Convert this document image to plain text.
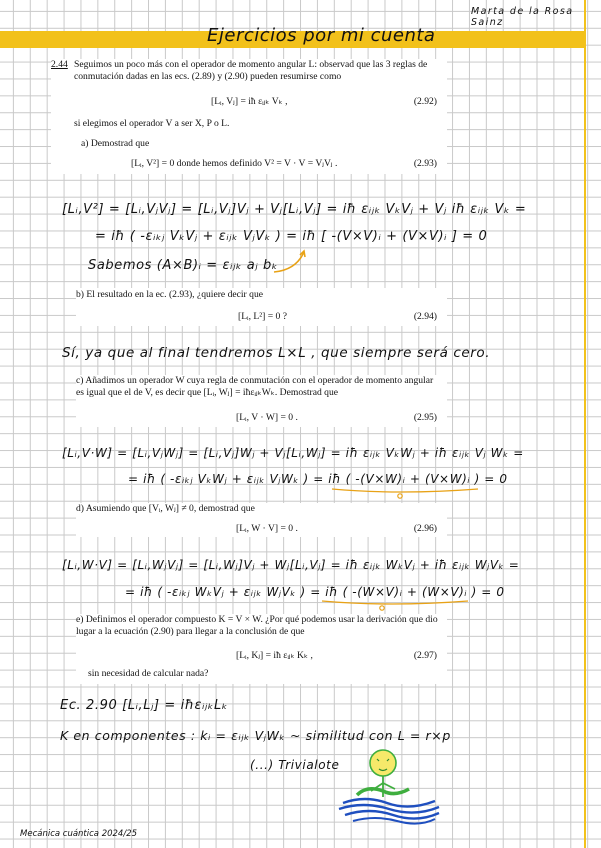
Marta de la Rosa Sainz
Ejercicios por mi cuenta
2.44 Seguimos un poco más con el operador de momento angular L: observad que las 3 reglas de conmutación dadas en las ecs. (2.89) y (2.90) pueden resumirse como
[Lᵢ, Vⱼ] = iħ εᵢⱼₖ Vₖ ,	(2.92)
si elegimos el operador V a ser X, P o L.
a) Demostrad que
[Lᵢ, V²] = 0 donde hemos definido V² = V · V = VⱼVⱼ .	(2.93)
[Lᵢ,V²] = [Lᵢ,VⱼVⱼ] = [Lᵢ,Vⱼ]Vⱼ + Vⱼ[Lᵢ,Vⱼ] = iħ εᵢⱼₖ VₖVⱼ + Vⱼ iħ εᵢⱼₖ Vₖ =
= iħ ( -εᵢₖⱼ VₖVⱼ + εᵢⱼₖ VⱼVₖ ) = iħ [ -(V×V)ᵢ + (V×V)ᵢ ] = 0
Sabemos (A×B)ᵢ = εᵢⱼₖ aⱼ bₖ
b) El resultado en la ec. (2.93), ¿quiere decir que
[Lᵢ, L²] = 0 ?	(2.94)
Sí, ya que al final tendremos L×L , que siempre será cero.
c) Añadimos un operador W cuya regla de conmutación con el operador de momento angular es igual que el de V, es decir que [Lᵢ, Wⱼ] = iħεᵢⱼₖWₖ. Demostrad que
[Lᵢ, V · W] = 0 .	(2.95)
[Lᵢ,V·W] = [Lᵢ,VⱼWⱼ] = [Lᵢ,Vⱼ]Wⱼ + Vⱼ[Lᵢ,Wⱼ] = iħ εᵢⱼₖ VₖWⱼ + iħ εᵢⱼₖ Vⱼ Wₖ =
= iħ ( -εᵢₖⱼ VₖWⱼ + εᵢⱼₖ VⱼWₖ ) = iħ ( -(V×W)ᵢ + (V×W)ᵢ ) = 0
d) Asumiendo que [Vᵢ, Wⱼ] ≠ 0, demostrad que
[Lᵢ, W · V] = 0 .	(2.96)
[Lᵢ,W·V] = [Lᵢ,WⱼVⱼ] = [Lᵢ,Wⱼ]Vⱼ + Wⱼ[Lᵢ,Vⱼ] = iħ εᵢⱼₖ WₖVⱼ + iħ εᵢⱼₖ WⱼVₖ =
= iħ ( -εᵢₖⱼ WₖVⱼ + εᵢⱼₖ WⱼVₖ ) = iħ ( -(W×V)ᵢ + (W×V)ᵢ ) = 0
e) Definimos el operador compuesto K = V × W. ¿Por qué podemos usar la derivación que dio lugar a la ecuación (2.90) para llegar a la conclusión de que
[Lᵢ, Kⱼ] = iħ εᵢⱼₖ Kₖ ,	(2.97)
sin necesidad de calcular nada?
Ec. 2.90 [Lᵢ,Lⱼ] = iħεᵢⱼₖLₖ
K en componentes : kᵢ = εᵢⱼₖ VⱼWₖ ~ similitud con L = r×p
(...) Trivialote
Mecánica cuántica 2024/25
